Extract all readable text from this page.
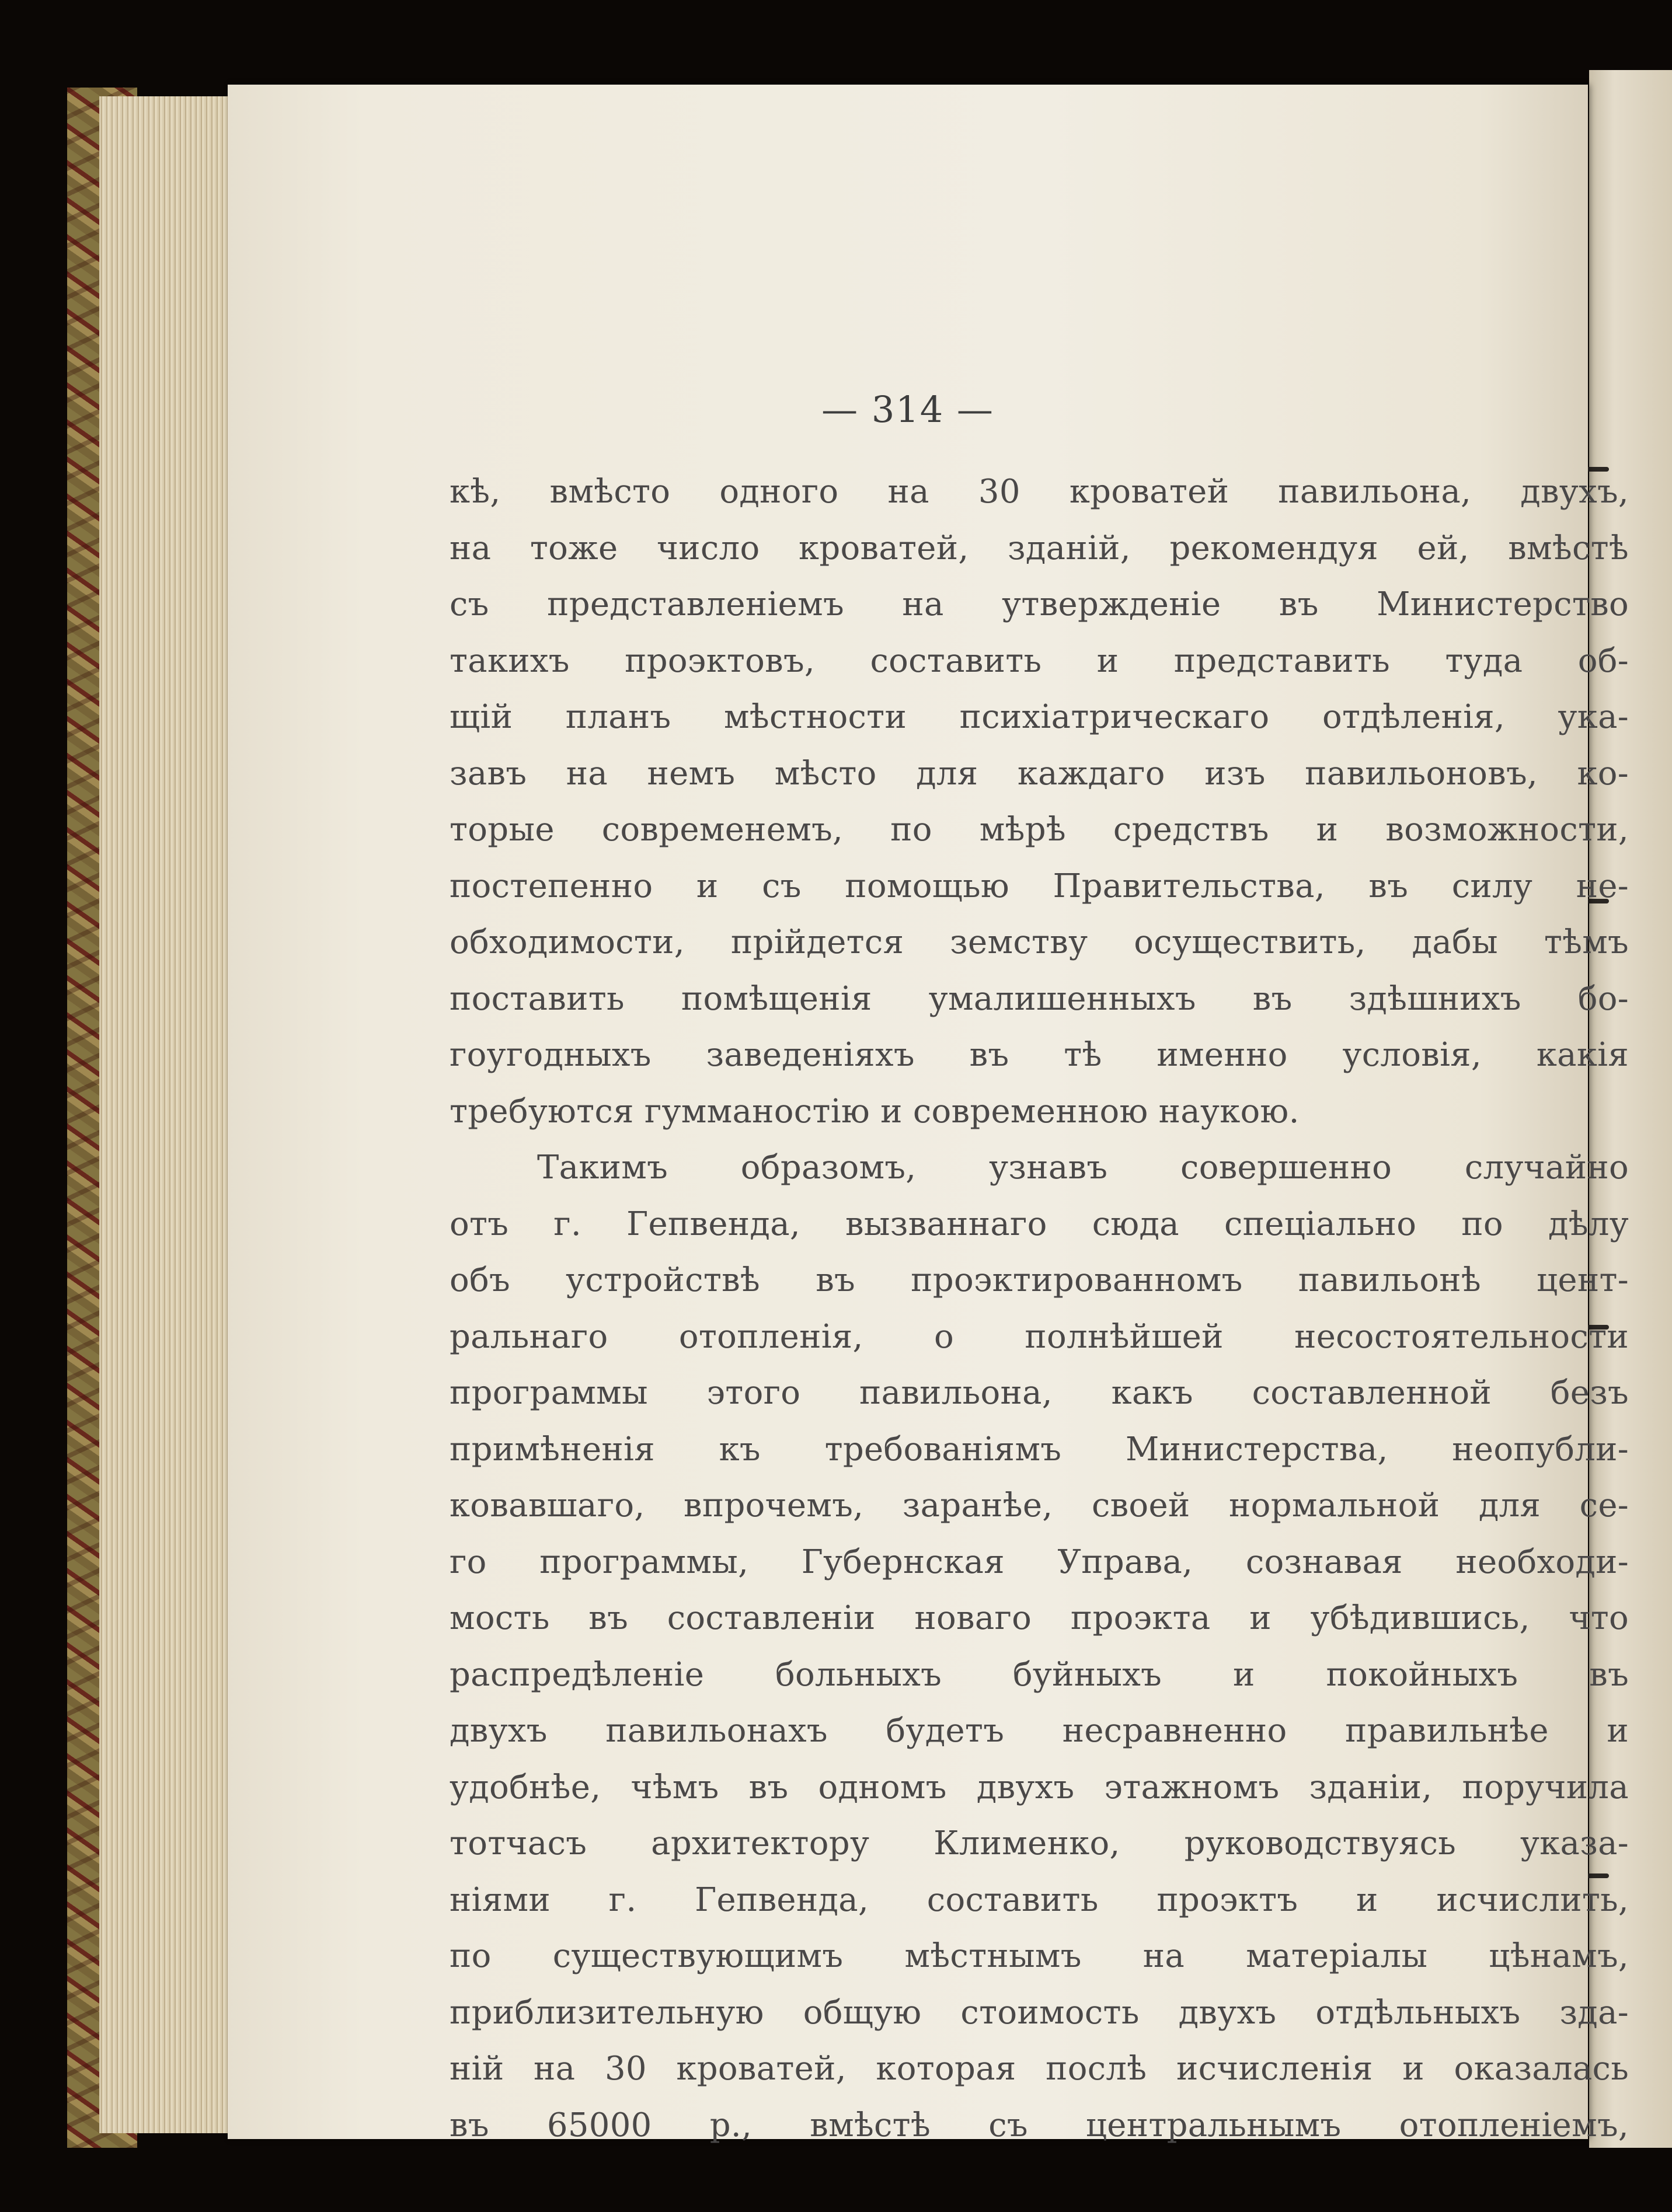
— 314 —
кѣ, вмѣсто одного на 30 кроватей павильона, двухъ,
на тоже число кроватей, зданій, рекомендуя ей, вмѣстѣ
съ представленіемъ на утвержденіе въ Министерство
такихъ проэктовъ, составить и представить туда об-
щій планъ мѣстности психіатрическаго отдѣленія, ука-
завъ на немъ мѣсто для каждаго изъ павильоновъ, ко-
торые современемъ, по мѣрѣ средствъ и возможности,
постепенно и съ помощью Правительства, въ силу не-
обходимости, прійдется земству осуществить, дабы тѣмъ
поставить помѣщенія умалишенныхъ въ здѣшнихъ бо-
гоугодныхъ заведеніяхъ въ тѣ именно условія, какія
требуются гумманостію и современною наукою.
Такимъ образомъ, узнавъ совершенно случайно
отъ г. Гепвенда, вызваннаго сюда спеціально по дѣлу
объ устройствѣ въ проэктированномъ павильонѣ цент-
ральнаго отопленія, о полнѣйшей несостоятельности
программы этого павильона, какъ составленной безъ
примѣненія къ требованіямъ Министерства, неопубли-
ковавшаго, впрочемъ, заранѣе, своей нормальной для се-
го программы, Губернская Управа, сознавая необходи-
мость въ составленіи новаго проэкта и убѣдившись, что
распредѣленіе больныхъ буйныхъ и покойныхъ въ
двухъ павильонахъ будетъ несравненно правильнѣе и
удобнѣе, чѣмъ въ одномъ двухъ этажномъ зданіи, поручила
тотчасъ архитектору Клименко, руководствуясь указа-
ніями г. Гепвенда, составить проэктъ и исчислить,
по существующимъ мѣстнымъ на матеріалы цѣнамъ,
приблизительную общую стоимость двухъ отдѣльныхъ зда-
ній на 30 кроватей, которая послѣ исчисленія и оказалась
въ 65000 р., вмѣстѣ съ центральнымъ отопленіемъ,
